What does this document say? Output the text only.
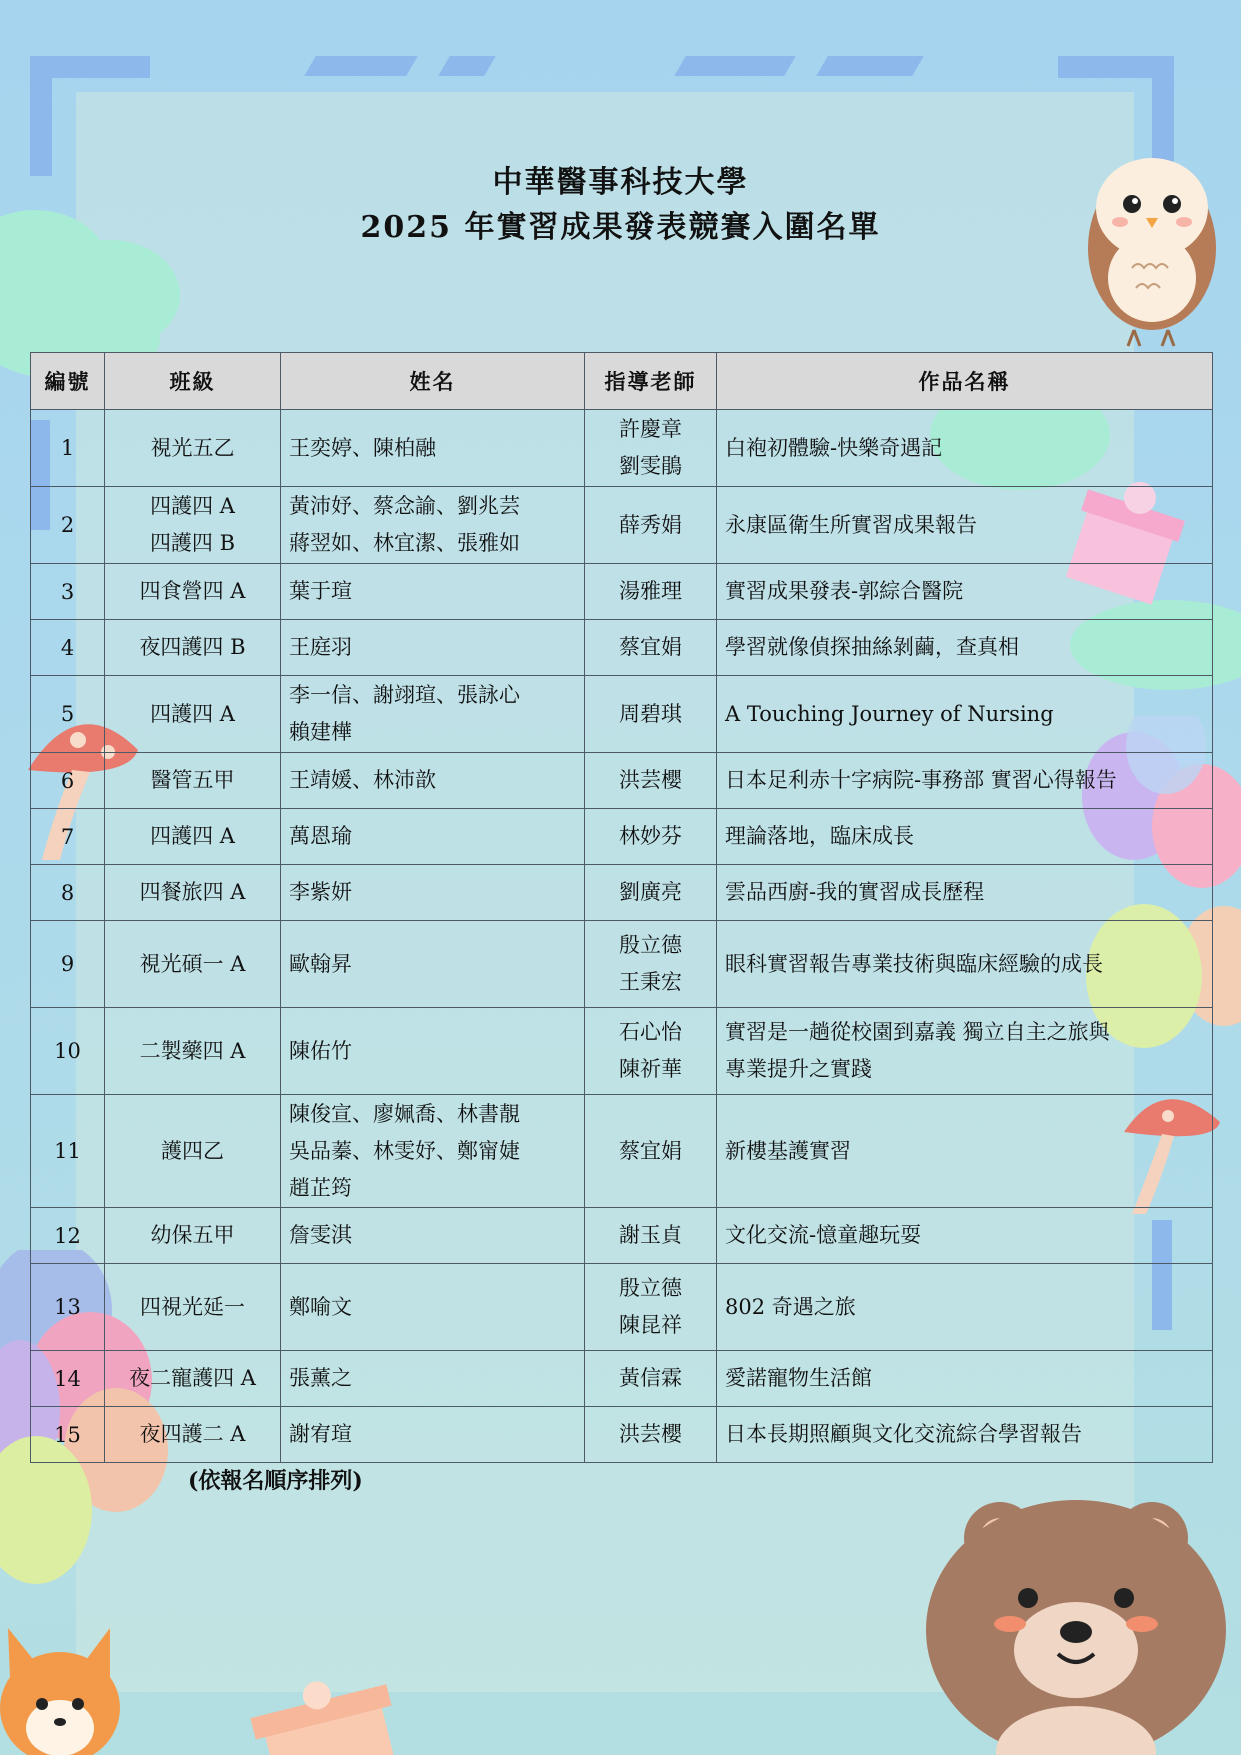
中華醫事科技大學
2025 年實習成果發表競賽入圍名單
編號	班級	姓名	指導老師	作品名稱
1	視光五乙	王奕婷、陳柏融	許慶章
劉雯鵑	白袍初體驗-快樂奇遇記

2	四護四 A
四護四 B	黃沛妤、蔡念諭、劉兆芸
蔣翌如、林宜潔、張雅如	薛秀娟	永康區衛生所實習成果報告

3	四食營四 A	葉于瑄	湯雅理	實習成果發表-郭綜合醫院

4	夜四護四 B	王庭羽	蔡宜娟	學習就像偵探抽絲剝繭，查真相

5	四護四 A	李一信、謝翊瑄、張詠心
賴建樺	周碧琪	A Touching Journey of Nursing

6	醫管五甲	王靖媛、林沛歆	洪芸櫻	日本足利赤十字病院-事務部 實習心得報告

7	四護四 A	萬恩瑜	林妙芬	理論落地，臨床成長

8	四餐旅四 A	李紫妍	劉廣亮	雲品西廚-我的實習成長歷程

9	視光碩一 A	歐翰昇	殷立德
王秉宏	眼科實習報告專業技術與臨床經驗的成長

10	二製藥四 A	陳佑竹	石心怡
陳祈華	實習是一趟從校園到嘉義 獨立自主之旅與
專業提升之實踐

11	護四乙	陳俊宣、廖姵喬、林書靚
吳品蓁、林雯妤、鄭甯婕
趙芷筠	蔡宜娟	新樓基護實習

12	幼保五甲	詹雯淇	謝玉貞	文化交流-憶童趣玩耍

13	四視光延一	鄭喻文	殷立德
陳昆祥	802 奇遇之旅

14	夜二寵護四 A	張薰之	黃信霖	愛諾寵物生活館

15	夜四護二 A	謝宥瑄	洪芸櫻	日本長期照顧與文化交流綜合學習報告
(依報名順序排列)
